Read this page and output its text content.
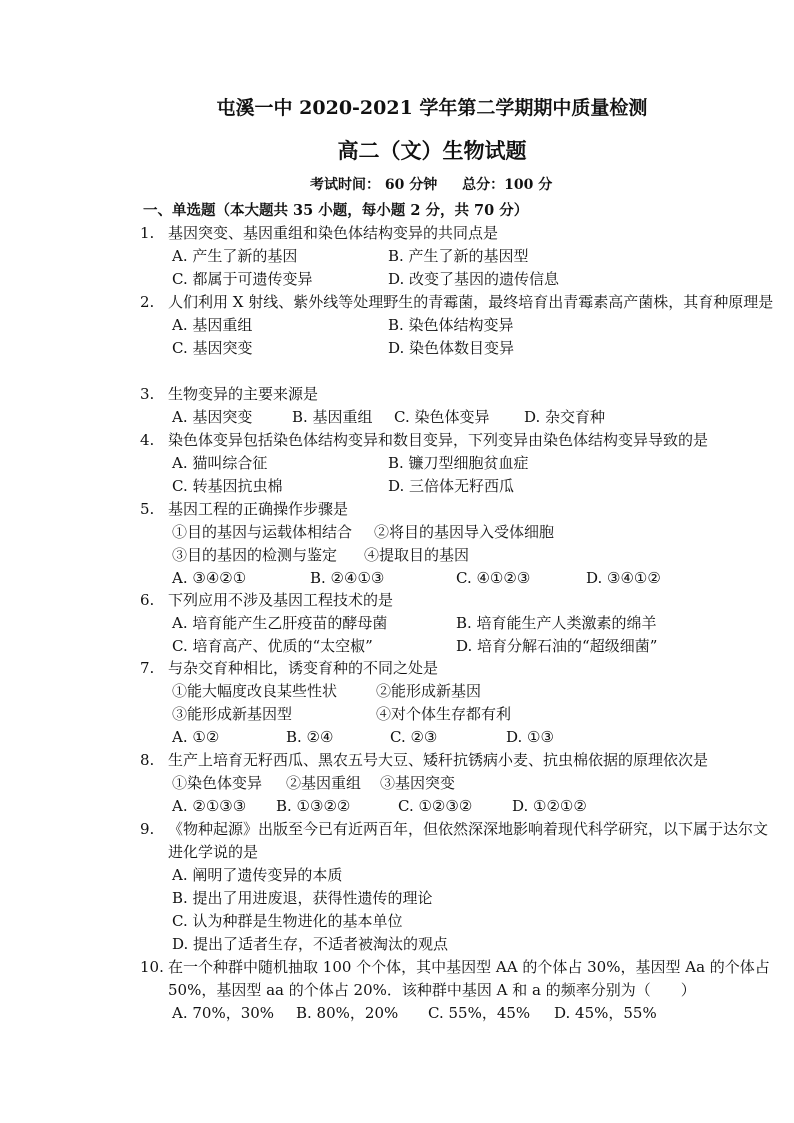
屯溪一中 2020-2021 学年第二学期期中质量检测
高二（文）生物试题
考试时间： 60 分钟 总分：100 分
一、单选题（本大题共 35 小题，每小题 2 分，共 70 分）
1. 基因突变、基因重组和染色体结构变异的共同点是
A. 产生了新的基因	B. 产生了新的基因型
C. 都属于可遗传变异	D. 改变了基因的遗传信息
2. 人们利用 X 射线、紫外线等处理野生的青霉菌，最终培育出青霉素高产菌株，其育种原理是
A. 基因重组	B. 染色体结构变异
C. 基因突变	D. 染色体数目变异
3. 生物变异的主要来源是
A. 基因突变	B. 基因重组 C. 染色体变异 D. 杂交育种
4. 染色体变异包括染色体结构变异和数目变异，下列变异由染色体结构变异导致的是
A. 猫叫综合征	B. 镰刀型细胞贫血症
C. 转基因抗虫棉	D. 三倍体无籽西瓜
5. 基因工程的正确操作步骤是
①目的基因与运载体相结合 ②将目的基因导入受体细胞
③目的基因的检测与鉴定 ④提取目的基因
A. ③④②①	B. ②④①③	C. ④①②③	D. ③④①②
6. 下列应用不涉及基因工程技术的是
A. 培育能产生乙肝疫苗的酵母菌	B. 培育能生产人类激素的绵羊
C. 培育高产、优质的“太空椒”	D. 培育分解石油的“超级细菌”
7. 与杂交育种相比，诱变育种的不同之处是
①能大幅度改良某些性状	②能形成新基因
③能形成新基因型	④对个体生存都有利
A. ①②	B. ②④	C. ②③	D. ①③
8. 生产上培育无籽西瓜、黑农五号大豆、矮秆抗锈病小麦、抗虫棉依据的原理依次是
①染色体变异 ②基因重组 ③基因突变
A. ②①③③ B. ①③②②	C. ①②③②	D. ①②①②
9. 《物种起源》出版至今已有近两百年，但依然深深地影响着现代科学研究，以下属于达尔文进化学说的是
A. 阐明了遗传变异的本质
B. 提出了用进废退，获得性遗传的理论
C. 认为种群是生物进化的基本单位
D. 提出了适者生存，不适者被淘汰的观点
10. 在一个种群中随机抽取 100 个个体，其中基因型 AA 的个体占 30%，基因型 Aa 的个体占 50%，基因型 aa 的个体占 20%．该种群中基因 A 和 a 的频率分别为（　　）
A. 70%，30% B. 80%，20% C. 55%，45% D. 45%，55%
